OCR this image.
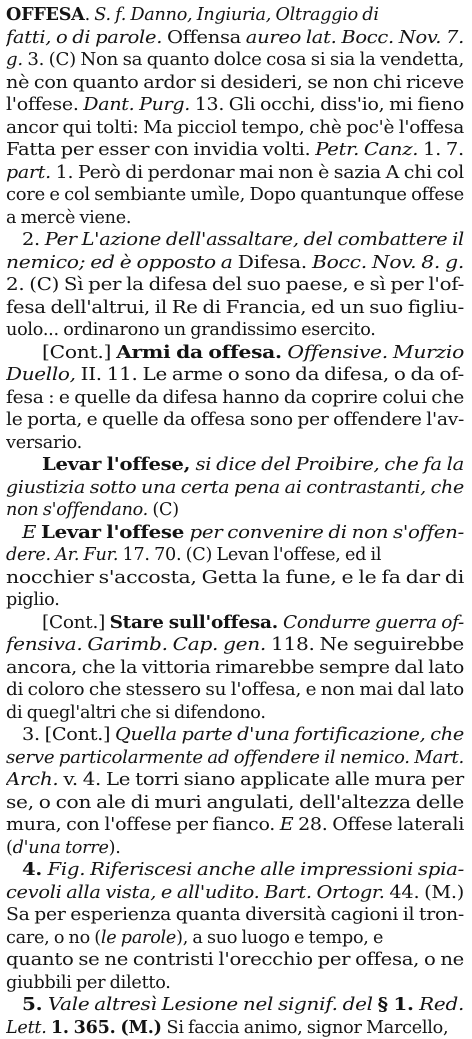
OFFESA. S. f. Danno, Ingiuria, Oltraggio di
fatti, o di parole. Offensa aureo lat. Bocc. Nov. 7.
g. 3. (C) Non sa quanto dolce cosa si sia la vendetta,
nè con quanto ardor si desideri, se non chi riceve
l'offese. Dant. Purg. 13. Gli occhi, diss'io, mi fieno
ancor qui tolti: Ma picciol tempo, chè poc'è l'offesa
Fatta per esser con invidia volti. Petr. Canz. 1. 7.
part. 1. Però di perdonar mai non è sazia A chi col
core e col sembiante umìle, Dopo quantunque offese
a mercè viene.
2. Per L'azione dell'assaltare, del combattere il
nemico; ed è opposto a Difesa. Bocc. Nov. 8. g.
2. (C) Sì per la difesa del suo paese, e sì per l'of-
fesa dell'altrui, il Re di Francia, ed un suo figliu-
uolo... ordinarono un grandissimo esercito.
[Cont.] Armi da offesa. Offensive. Murzio
Duello, II. 11. Le arme o sono da difesa, o da of-
fesa : e quelle da difesa hanno da coprire colui che
le porta, e quelle da offesa sono per offendere l'av-
versario.
Levar l'offese, si dice del Proibire, che fa la
giustizia sotto una certa pena ai contrastanti, che
non s'offendano. (C)
E Levar l'offese per convenire di non s'offen-
dere. Ar. Fur. 17. 70. (C) Levan l'offese, ed il
nocchier s'accosta, Getta la fune, e le fa dar di
piglio.
[Cont.] Stare sull'offesa. Condurre guerra of-
fensiva. Garimb. Cap. gen. 118. Ne seguirebbe
ancora, che la vittoria rimarebbe sempre dal lato
di coloro che stessero su l'offesa, e non mai dal lato
di quegl'altri che si difendono.
3. [Cont.] Quella parte d'una fortificazione, che
serve particolarmente ad offendere il nemico. Mart.
Arch. v. 4. Le torri siano applicate alle mura per
se, o con ale di muri angulati, dell'altezza delle
mura, con l'offese per fianco. E 28. Offese laterali
(d'una torre).
4. Fig. Riferiscesi anche alle impressioni spia-
cevoli alla vista, e all'udito. Bart. Ortogr. 44. (M.)
Sa per esperienza quanta diversità cagioni il tron-
care, o no (le parole), a suo luogo e tempo, e
quanto se ne contristi l'orecchio per offesa, o ne
giubbili per diletto.
5. Vale altresì Lesione nel signif. del § 1. Red.
Lett. 1. 365. (M.) Si faccia animo, signor Marcello,
